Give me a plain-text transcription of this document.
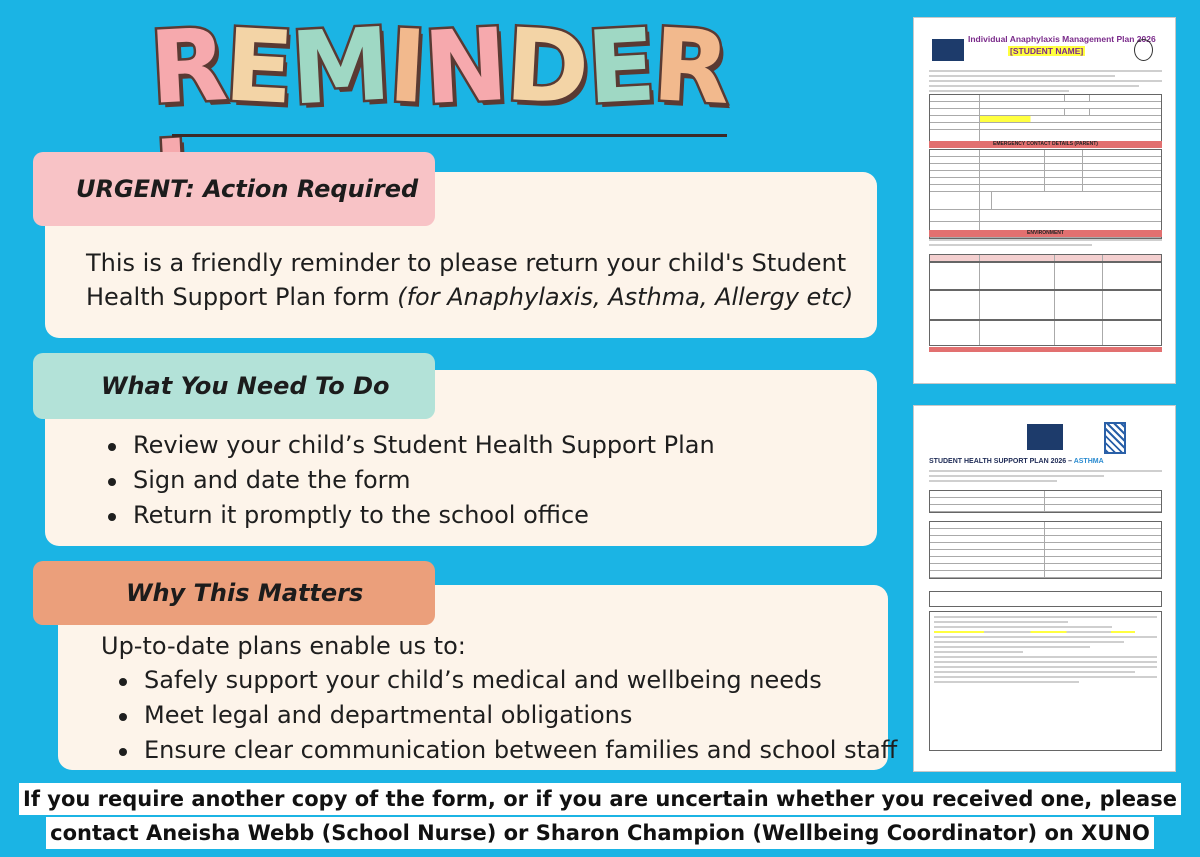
REMINDER
URGENT: Action Required
This is a friendly reminder to please return your child's Student
Health Support Plan form (for Anaphylaxis, Asthma, Allergy etc)
What You Need To Do
Review your child’s Student Health Support Plan
Sign and date the form
Return it promptly to the school office
Why This Matters
Up-to-date plans enable us to:
Safely support your child’s medical and wellbeing needs
Meet legal and departmental obligations
Ensure clear communication between families and school staff
Individual Anaphylaxis Management Plan 2026
[STUDENT NAME]
EMERGENCY CONTACT DETAILS (PARENT)
ENVIRONMENT
STUDENT HEALTH SUPPORT PLAN 2026 – ASTHMA
If you require another copy of the form, or if you are uncertain whether you received one, please
contact Aneisha Webb (School Nurse) or Sharon Champion (Wellbeing Coordinator) on XUNO
